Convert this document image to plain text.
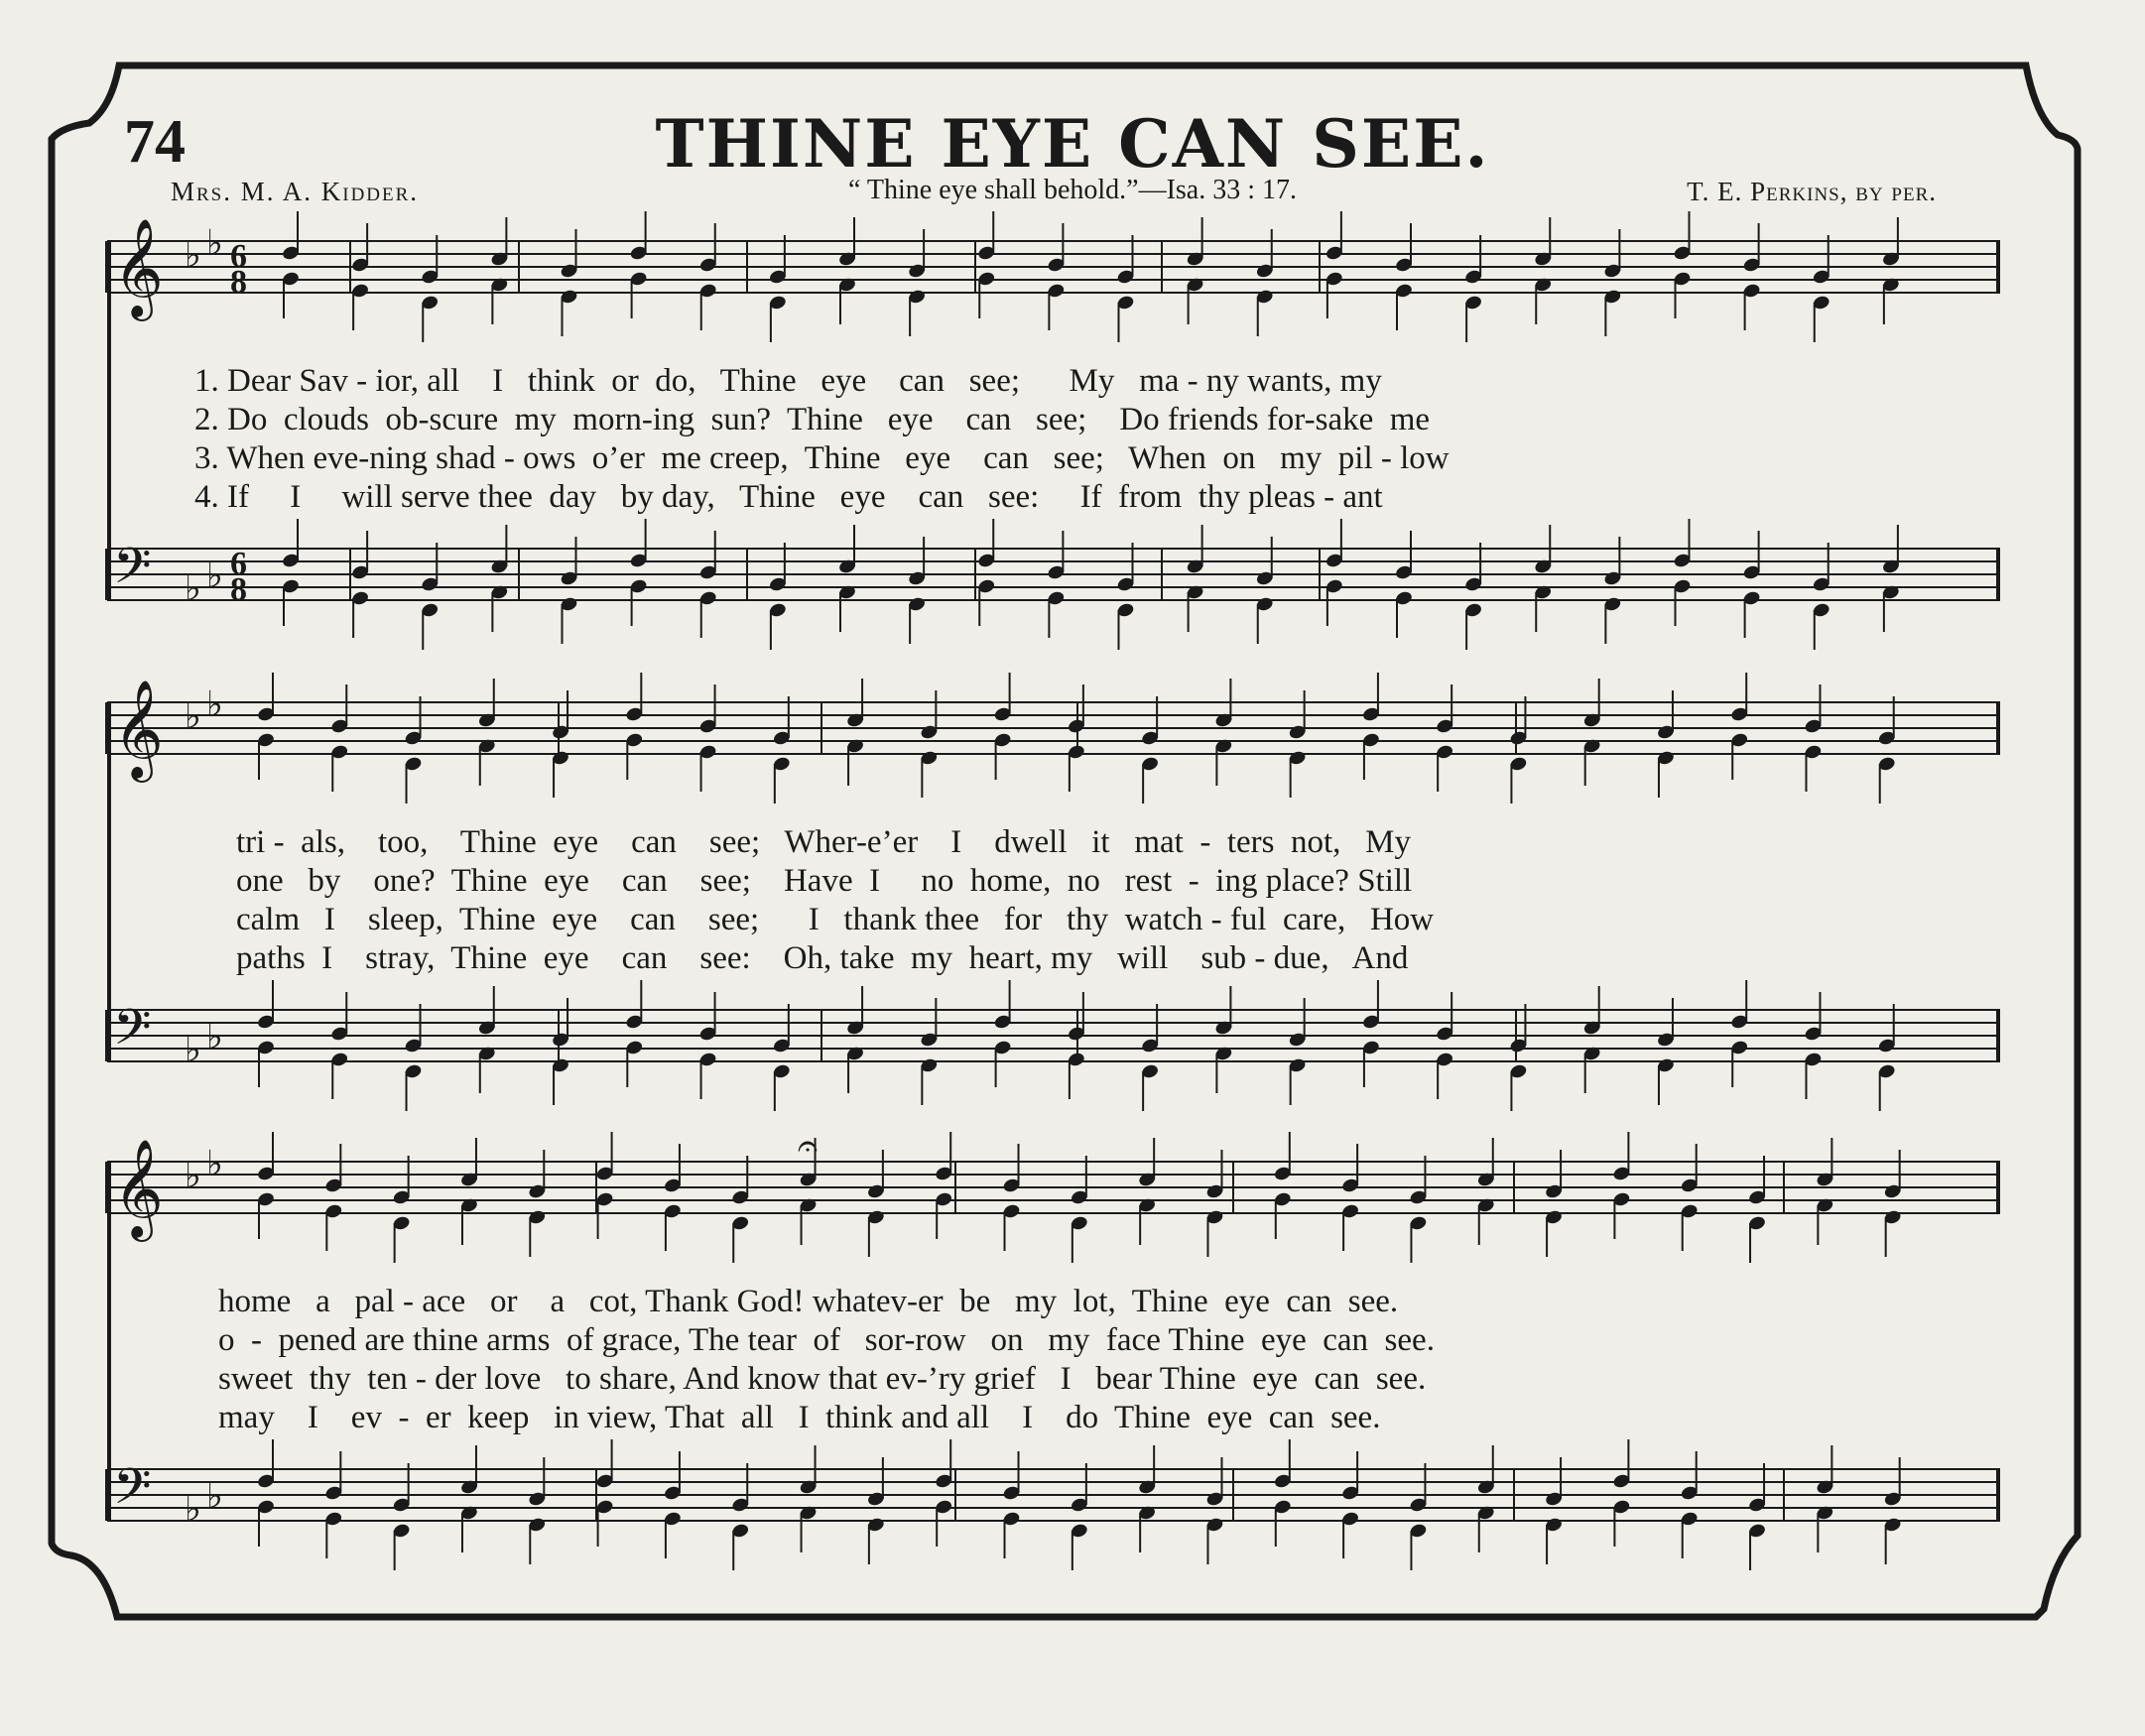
74	THINE EYE CAN SEE.
Mrs. M. A. Kidder.	“ Thine eye shall behold.”—Isa. 33 : 17.	T. E. Perkins, by per.
𝄞 ♭ ♭
𝄢 ♭ ♭
6
8
6
8
1. Dear Sav - ior, all    I   think  or  do,   Thine   eye    can   see;      My   ma - ny wants, my
2. Do  clouds  ob-scure  my  morn-ing  sun?  Thine   eye    can   see;    Do friends for-sake  me
3. When eve-ning shad - ows  o’er  me creep,  Thine   eye    can   see;   When  on   my  pil - low
4. If     I     will serve thee  day   by day,   Thine   eye    can   see:     If  from  thy pleas - ant
𝄞 ♭ ♭
𝄢 ♭ ♭
tri -  als,    too,    Thine  eye    can    see;   Wher-e’er    I    dwell   it   mat  -  ters  not,   My
one   by    one?  Thine  eye    can    see;    Have  I     no  home,  no   rest  -  ing place? Still
calm   I    sleep,  Thine  eye    can    see;      I   thank thee   for   thy  watch - ful  care,   How
paths  I    stray,  Thine  eye    can    see:    Oh, take  my  heart, my   will    sub - due,   And
𝄞 ♭ ♭
𝄢 ♭ ♭
𝄐
home   a   pal - ace   or    a   cot, Thank God! whatev-er  be   my  lot,  Thine  eye  can  see.
o  -  pened are thine arms  of grace, The tear  of   sor-row   on   my  face Thine  eye  can  see.
sweet  thy  ten - der love   to share, And know that ev-’ry grief   I   bear Thine  eye  can  see.
may    I    ev  -  er  keep   in view, That  all   I  think and all    I    do  Thine  eye  can  see.
